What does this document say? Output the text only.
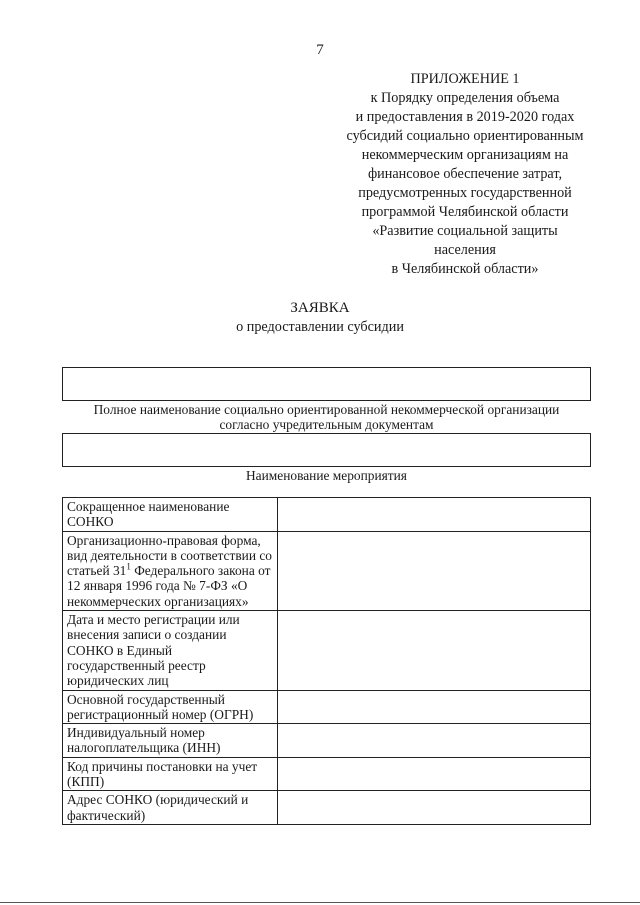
7
ПРИЛОЖЕНИЕ 1
к Порядку определения объема
и предоставления в 2019-2020 годах
субсидий социально ориентированным
некоммерческим организациям на
финансовое обеспечение затрат,
предусмотренных государственной
программой Челябинской области
«Развитие социальной защиты
населения
в Челябинской области»
ЗАЯВКА
о предоставлении субсидии
Полное наименование социально ориентированной некоммерческой организации
согласно учредительным документам
Наименование мероприятия
Сокращенное наименование СОНКО	
Организационно-правовая форма, вид деятельности в соответствии со статьей $31^1$ Федерального закона от 12 января 1996 года № 7-ФЗ «О некоммерческих организациях»	
Дата и место регистрации или внесения записи о создании СОНКО в Единый государственный реестр юридических лиц	
Основной государственный регистрационный номер (ОГРН)	
Индивидуальный номер налогоплательщика (ИНН)	
Код причины постановки на учет (КПП)	
Адрес СОНКО (юридический и фактический)	
